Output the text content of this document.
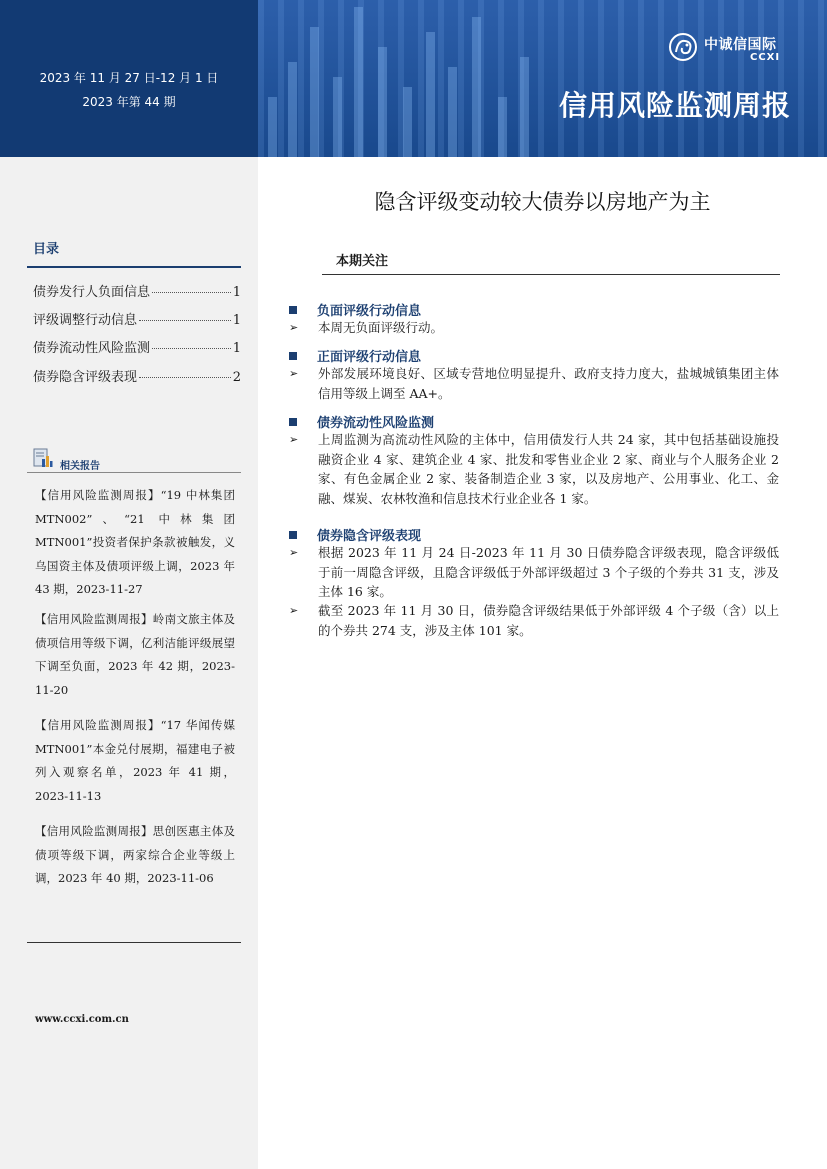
2023 年 11 月 27 日-12 月 1 日
2023 年第 44 期
中诚信国际
CCXI
信用风险监测周报
目录
债券发行人负面信息	1
评级调整行动信息	1
债券流动性风险监测	1
债券隐含评级表现	2
相关报告
【信用风险监测周报】“19 中林集团 MTN002”、“21 中林集团 MTN001”投资者保护条款被触发，义乌国资主体及债项评级上调，2023 年 43 期，2023-11-27
【信用风险监测周报】岭南文旅主体及债项信用等级下调，亿利洁能评级展望下调至负面，2023 年 42 期，2023-11-20
【信用风险监测周报】“17 华闻传媒 MTN001”本金兑付展期，福建电子被列入观察名单，2023 年 41 期，2023-11-13
【信用风险监测周报】思创医惠主体及债项等级下调，两家综合企业等级上调，2023 年 40 期，2023-11-06
www.ccxi.com.cn
隐含评级变动较大债券以房地产为主
本期关注
负面评级行动信息
➢ 本周无负面评级行动。
正面评级行动信息
➢ 外部发展环境良好、区域专营地位明显提升、政府支持力度大，盐城城镇集团主体信用等级上调至 AA+。
债券流动性风险监测
➢ 上周监测为高流动性风险的主体中，信用债发行人共 24 家，其中包括基础设施投融资企业 4 家、建筑企业 4 家、批发和零售业企业 2 家、商业与个人服务企业 2 家、有色金属企业 2 家、装备制造企业 3 家，以及房地产、公用事业、化工、金融、煤炭、农林牧渔和信息技术行业企业各 1 家。
债券隐含评级表现
➢ 根据 2023 年 11 月 24 日-2023 年 11 月 30 日债券隐含评级表现，隐含评级低于前一周隐含评级，且隐含评级低于外部评级超过 3 个子级的个券共 31 支，涉及主体 16 家。
➢ 截至 2023 年 11 月 30 日，债券隐含评级结果低于外部评级 4 个子级（含）以上的个券共 274 支，涉及主体 101 家。
